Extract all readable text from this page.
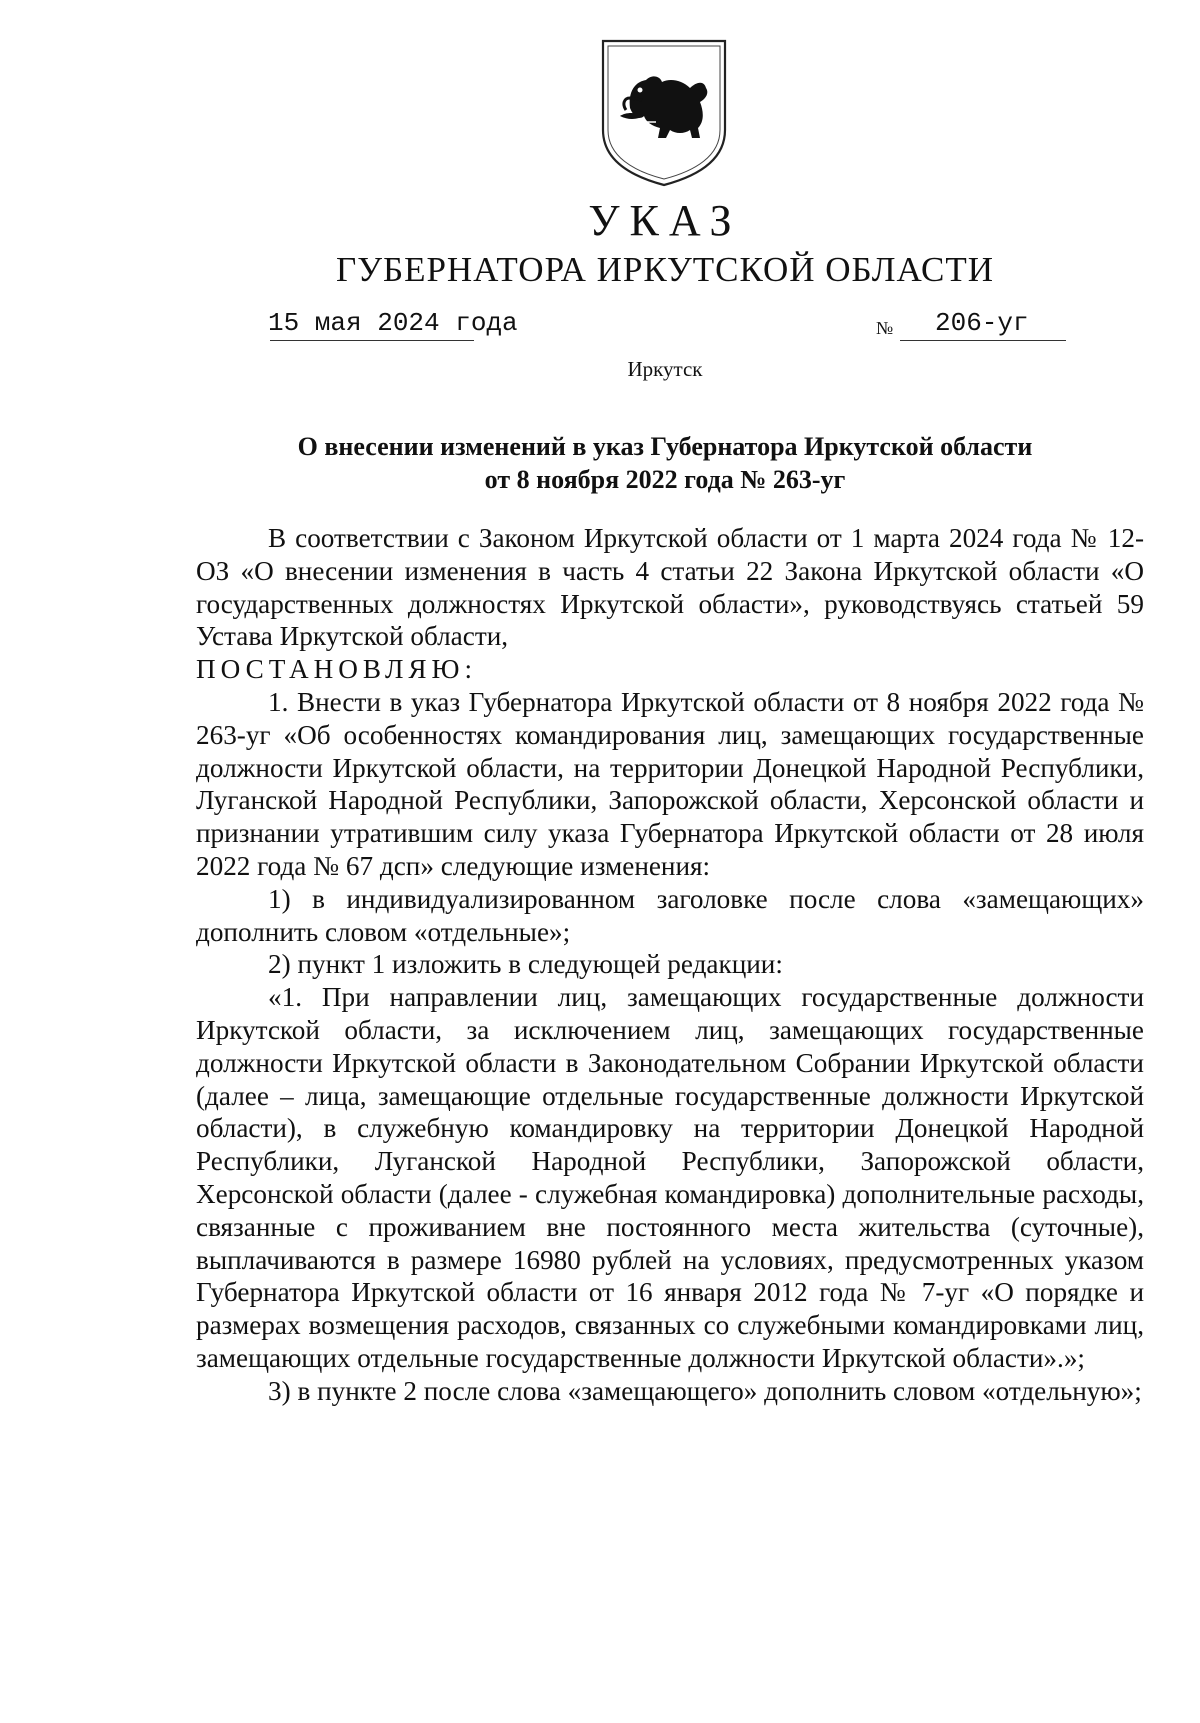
УКАЗ
ГУБЕРНАТОРА ИРКУТСКОЙ ОБЛАСТИ
15 мая 2024 года	№ 206-уг
Иркутск
О внесении изменений в указ Губернатора Иркутской области
от 8 ноября 2022 года № 263-уг

В соответствии с Законом Иркутской области от 1 марта 2024 года № 12-ОЗ «О внесении изменения в часть 4 статьи 22 Закона Иркутской области «О государственных должностях Иркутской области», руководствуясь статьей 59 Устава Иркутской области,

ПОСТАНОВЛЯЮ:

1. Внести в указ Губернатора Иркутской области от 8 ноября 2022 года № 263-уг «Об особенностях командирования лиц, замещающих государственные должности Иркутской области, на территории Донецкой Народной Республики, Луганской Народной Республики, Запорожской области, Херсонской области и признании утратившим силу указа Губернатора Иркутской области от 28 июля 2022 года № 67 дсп» следующие изменения:

1) в индивидуализированном заголовке после слова «замещающих» дополнить словом «отдельные»;

2) пункт 1 изложить в следующей редакции:

«1. При направлении лиц, замещающих государственные должности Иркутской области, за исключением лиц, замещающих государственные должности Иркутской области в Законодательном Собрании Иркутской области (далее – лица, замещающие отдельные государственные должности Иркутской области), в служебную командировку на территории Донецкой Народной Республики, Луганской Народной Республики, Запорожской области, Херсонской области (далее - служебная командировка) дополнительные расходы, связанные с проживанием вне постоянного места жительства (суточные), выплачиваются в размере 16980 рублей на условиях, предусмотренных указом Губернатора Иркутской области от 16 января 2012 года № 7-уг «О порядке и размерах возмещения расходов, связанных со служебными командировками лиц, замещающих отдельные государственные должности Иркутской области».»;

3) в пункте 2 после слова «замещающего» дополнить словом «отдельную»;
